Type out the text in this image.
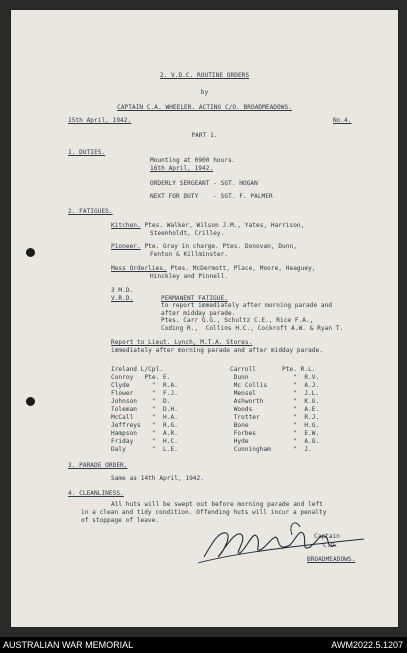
2. V.D.C. ROUTINE ORDERS
by
CAPTAIN C.A. WHEELER. ACTING C/O. BROADMEADOWS.
15th April, 1942.	No.4.
PART 1.
1. DUTIES.
Mounting at 0900 hours.
16th April, 1942.
ORDERLY SERGEANT - SGT. HOGAN
NEXT FOR DUTY    - SGT. F. PALMER
2. FATIGUES.
Kitchen. Ptes. Walker, Wilson J.M., Yates, Harrison,
Steenholdt, Crilley.
Pioneer. Pte. Gray in charge. Ptes. Donovan, Dunn,
Fenton & Killminster.
Mess Orderlies. Ptes. McDermott, Place, Moore, Heaguey,
Hinckley and Pinnell.
3 M.D.
V.R.D.	PERMANENT FATIGUE.
to report immediately after morning parade and
after midday parade.
Ptes. Carr G.G., Schultz C.E., Rice F.A.,
Coding R.,  Collins H.C., Cockroft A.W. & Ryan T.
Report to Lieut. Lynch, M.T.A. Stores.
immediately after morning parade and after midday parade.
Ireland L/Cpl.                  Carroll       Pte. R.L.
Conroy   Pte. E.                 Dunn            "  R.V.
Clyde      "  R.A.               Mc Collis       "  A.J.
Flower     "  F.J.               Mensel          "  J.L.
Johnson    "  D.                 Ashworth        "  K.G.
Toleman    "  D.H.               Woods           "  A.E.
McCall     "  H.A.               Trotter         "  R.J.
Jeffreys   "  R.G.               Bone            "  H.G.
Hampson    "  A.R.               Forbes          "  E.W.
Friday     "  H.C.               Hyde            "  A.G.
Daly       "  L.E.               Cunningham      "  J.
3. PARADE ORDER.
Same as 14th April, 1942.
4. CLEANLINESS.
All huts will be swept out before morning parade and left
in a clean and tidy condition. Offending huts will incur a penalty
of stoppage of leave.
Captain
C.O.
BROADMEADOWS.
AUSTRALIAN WAR MEMORIAL	AWM2022.5.1207
